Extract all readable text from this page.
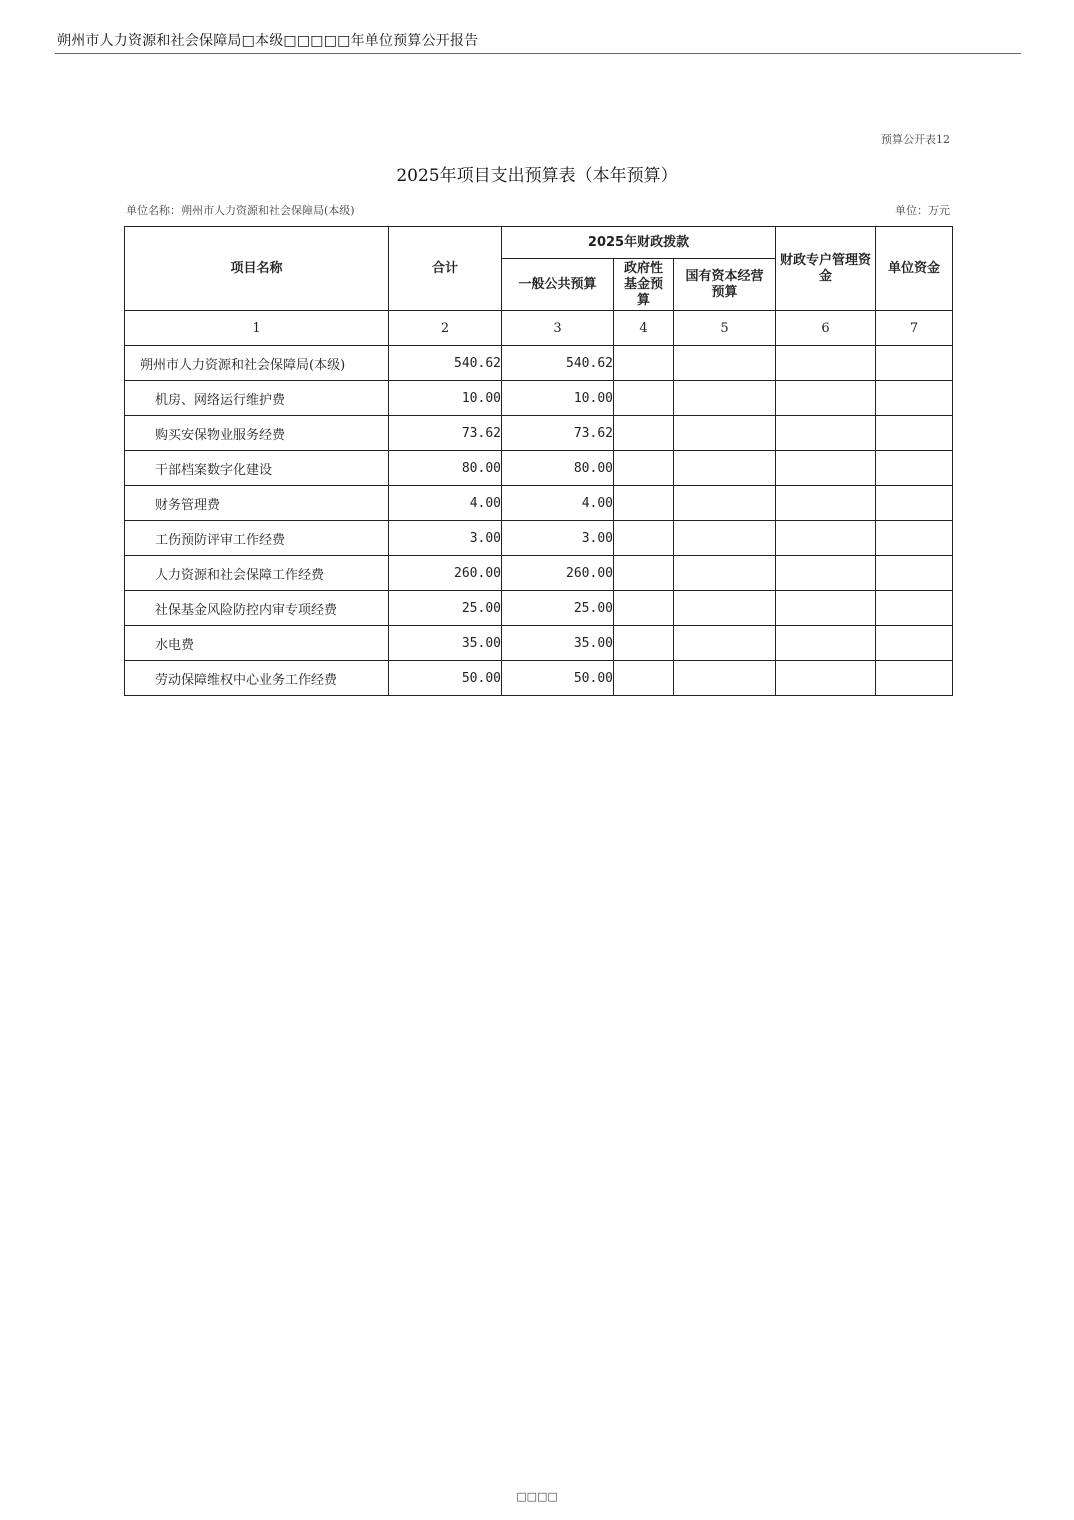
朔州市人力资源和社会保障局□本级□□□□□年单位预算公开报告
预算公开表12
2025年项目支出预算表（本年预算）
单位名称：朔州市人力资源和社会保障局(本级)	单位：万元
项目名称	合计	2025年财政拨款			财政专户管理资金	单位资金
		一般公共预算	政府性基金预算	国有资本经营预算		
1	2	3	4	5	6	7
朔州市人力资源和社会保障局(本级)	540.62	540.62				
机房、网络运行维护费	10.00	10.00				
购买安保物业服务经费	73.62	73.62				
干部档案数字化建设	80.00	80.00				
财务管理费	4.00	4.00				
工伤预防评审工作经费	3.00	3.00				
人力资源和社会保障工作经费	260.00	260.00				
社保基金风险防控内审专项经费	25.00	25.00				
水电费	35.00	35.00				
劳动保障维权中心业务工作经费	50.00	50.00				
□□□□
